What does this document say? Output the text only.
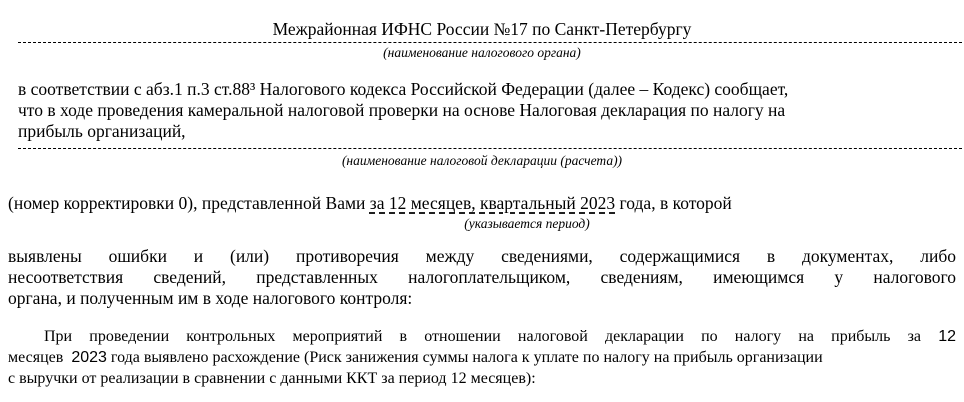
Межрайонная ИФНС России №17 по Санкт-Петербургу
(наименование налогового органа)
в соответствии с абз.1 п.3 ст.88³ Налогового кодекса Российской Федерации (далее – Кодекс) сообщает,
что в ходе проведения камеральной налоговой проверки на основе Налоговая декларация по налогу на
прибыль организаций,
(наименование налоговой декларации (расчета))
(номер корректировки 0), представленной Вами за 12 месяцев, квартальный 2023 года, в которой
(указывается период)
выявлены ошибки и (или) противоречия между сведениями, содержащимися в документах, либо
несоответствия сведений, представленных налогоплательщиком, сведениям, имеющимся у налогового
органа, и полученным им в ходе налогового контроля:
При проведении контрольных мероприятий в отношении налоговой декларации по налогу на прибыль за 12
месяцев 2023 года выявлено расхождение (Риск занижения суммы налога к уплате по налогу на прибыль организации
с выручки от реализации в сравнении с данными ККТ за период 12 месяцев):
